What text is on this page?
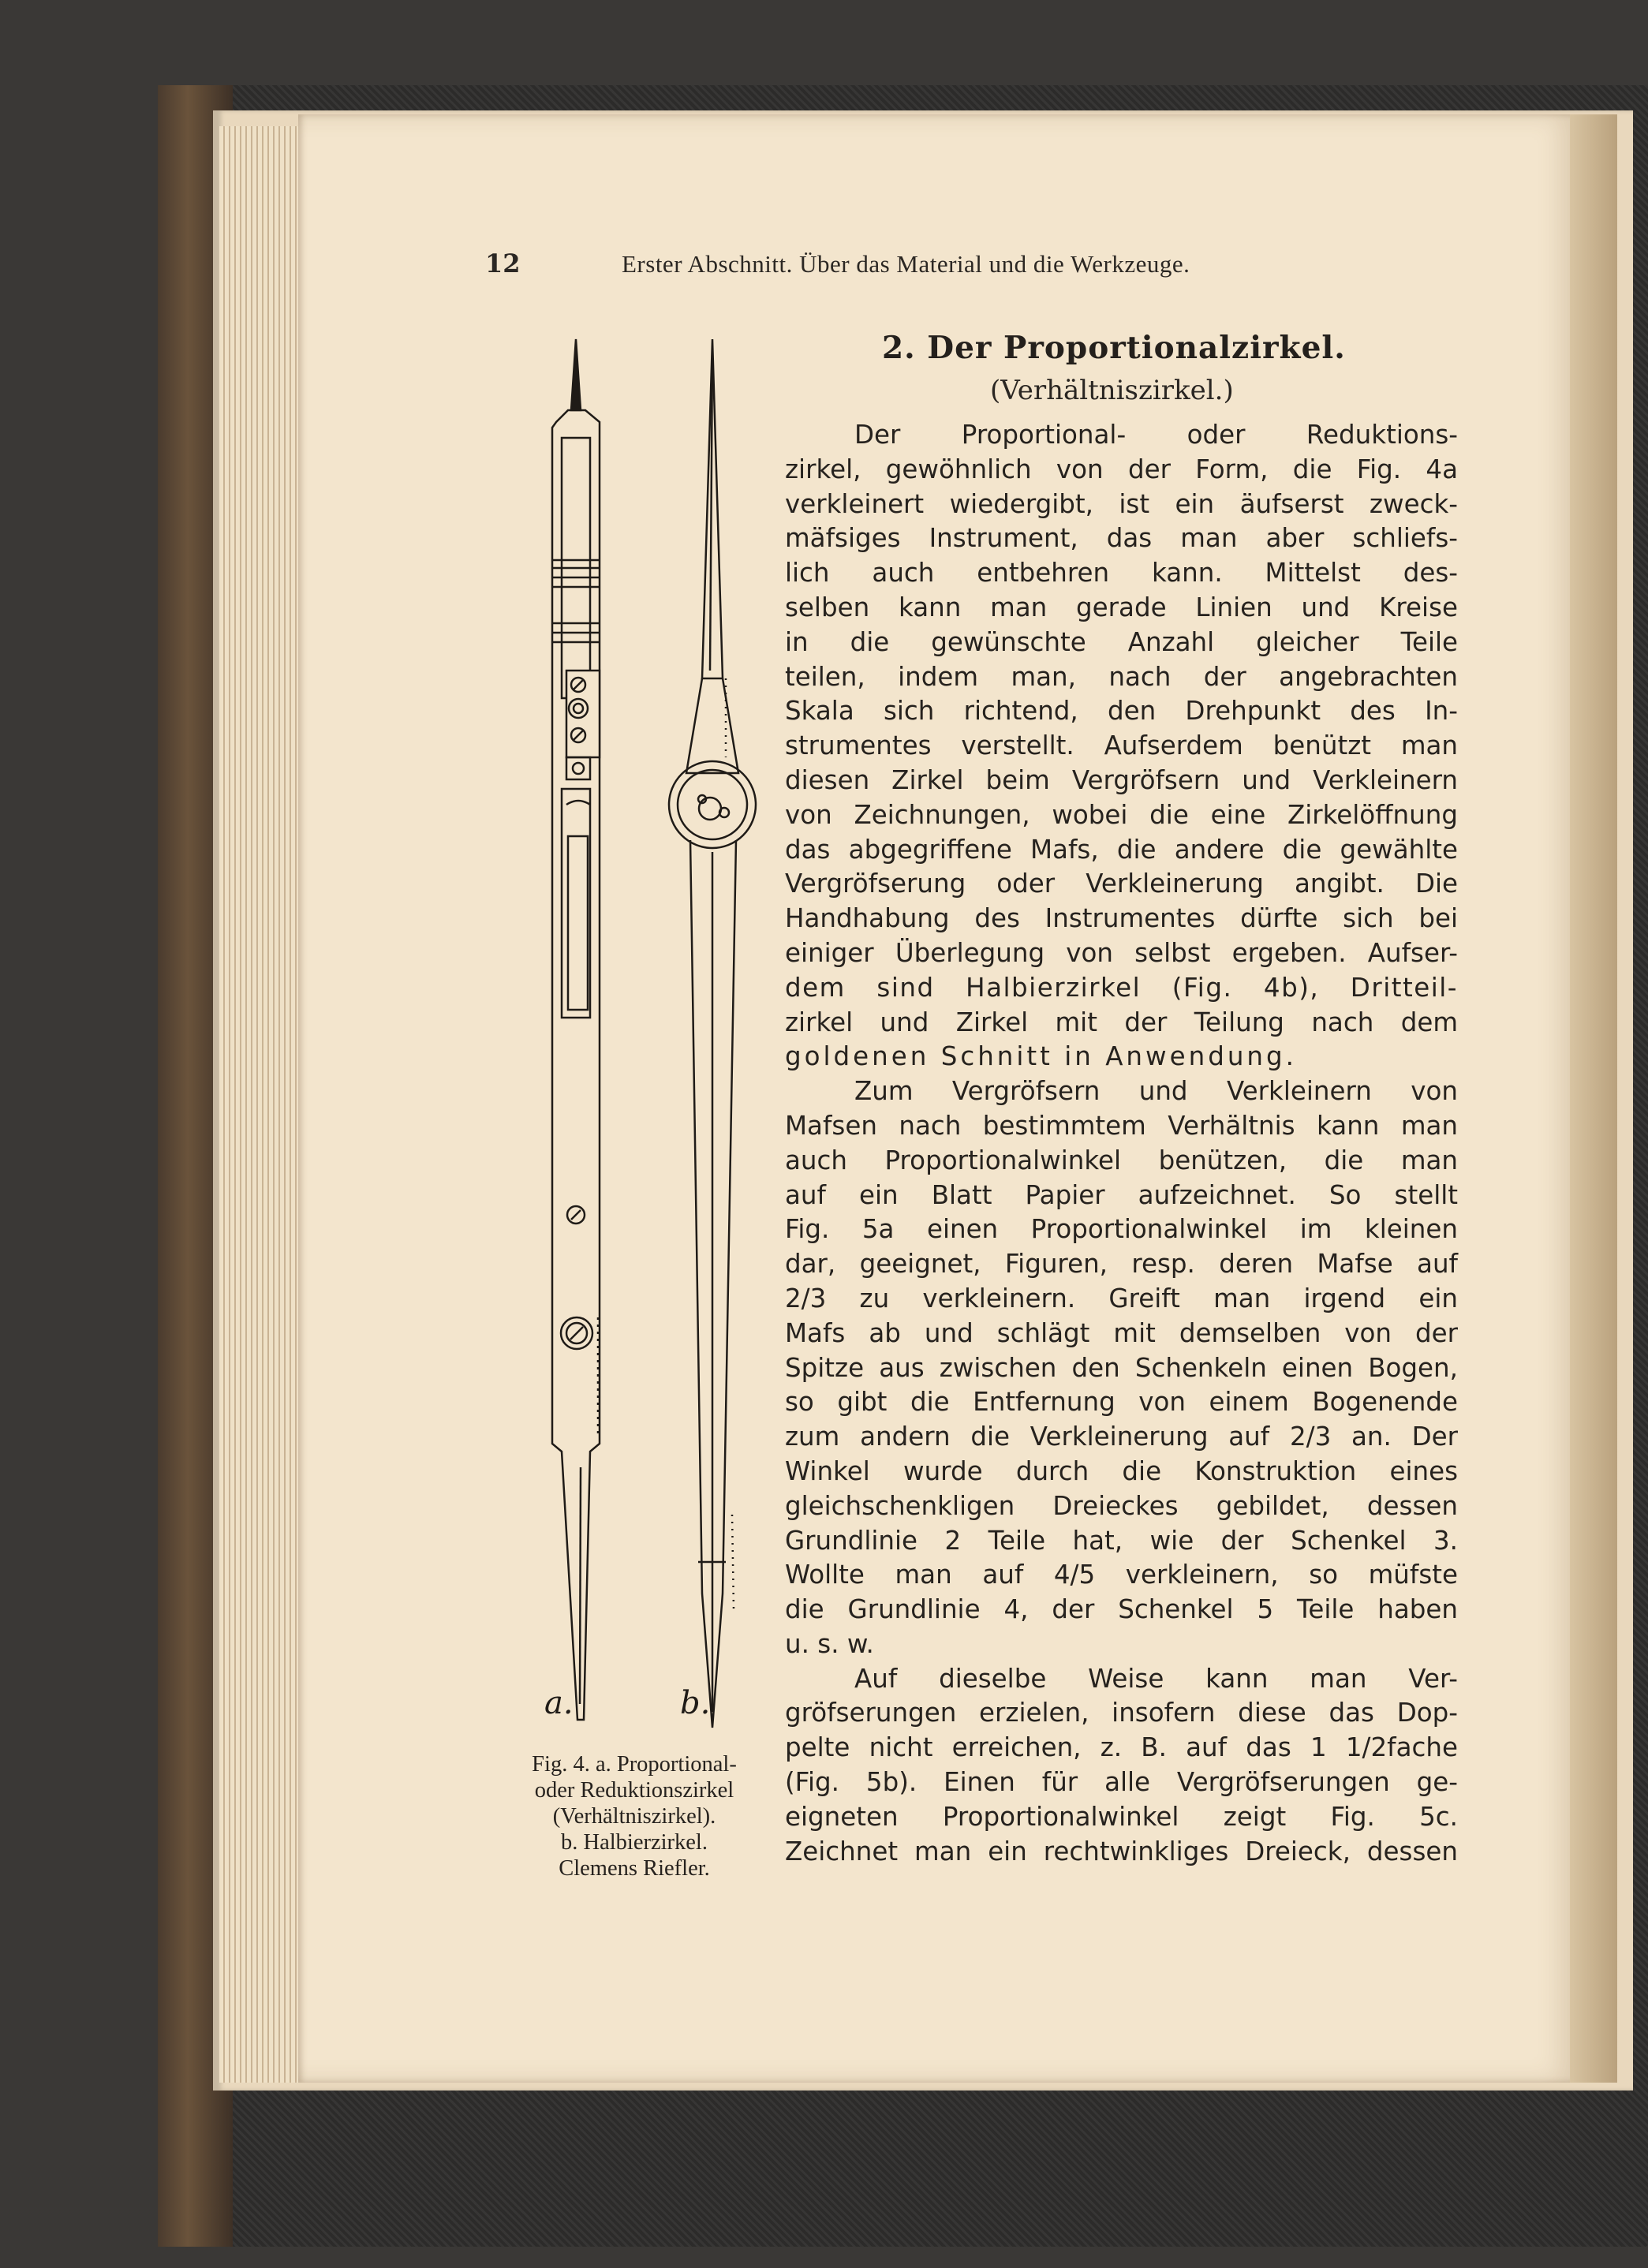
12	Erster Abschnitt. Über das Material und die Werkzeuge.
2. Der Proportionalzirkel.
(Verhältniszirkel.)
Der Proportional- oder Reduktions-
zirkel, gewöhnlich von der Form, die Fig. 4a
verkleinert wiedergibt, ist ein äufserst zweck-
mäfsiges Instrument, das man aber schliefs-
lich auch entbehren kann. Mittelst des-
selben kann man gerade Linien und Kreise
in die gewünschte Anzahl gleicher Teile
teilen, indem man, nach der angebrachten
Skala sich richtend, den Drehpunkt des In-
strumentes verstellt. Aufserdem benützt man
diesen Zirkel beim Vergröfsern und Verkleinern
von Zeichnungen, wobei die eine Zirkelöffnung
das abgegriffene Mafs, die andere die gewählte
Vergröfserung oder Verkleinerung angibt. Die
Handhabung des Instrumentes dürfte sich bei
einiger Überlegung von selbst ergeben. Aufser-
dem sind Halbierzirkel (Fig. 4b), Dritteil-
zirkel und Zirkel mit der Teilung nach dem
goldenen Schnitt in Anwendung.
Zum Vergröfsern und Verkleinern von
Mafsen nach bestimmtem Verhältnis kann man
auch Proportionalwinkel benützen, die man
auf ein Blatt Papier aufzeichnet. So stellt
Fig. 5a einen Proportionalwinkel im kleinen
dar, geeignet, Figuren, resp. deren Mafse auf
2/3 zu verkleinern. Greift man irgend ein
Mafs ab und schlägt mit demselben von der
Spitze aus zwischen den Schenkeln einen Bogen,
so gibt die Entfernung von einem Bogenende
zum andern die Verkleinerung auf 2/3 an. Der
Winkel wurde durch die Konstruktion eines
gleichschenkligen Dreieckes gebildet, dessen
Grundlinie 2 Teile hat, wie der Schenkel 3.
Wollte man auf 4/5 verkleinern, so müfste
die Grundlinie 4, der Schenkel 5 Teile haben
u. s. w.
Auf dieselbe Weise kann man Ver-
gröfserungen erzielen, insofern diese das Dop-
pelte nicht erreichen, z. B. auf das 1 1/2fache
(Fig. 5b). Einen für alle Vergröfserungen ge-
eigneten Proportionalwinkel zeigt Fig. 5c.
Zeichnet man ein rechtwinkliges Dreieck, dessen
a.	b.
Fig. 4. a. Proportional-
oder Reduktionszirkel
(Verhältniszirkel).
b. Halbierzirkel.
Clemens Riefler.
